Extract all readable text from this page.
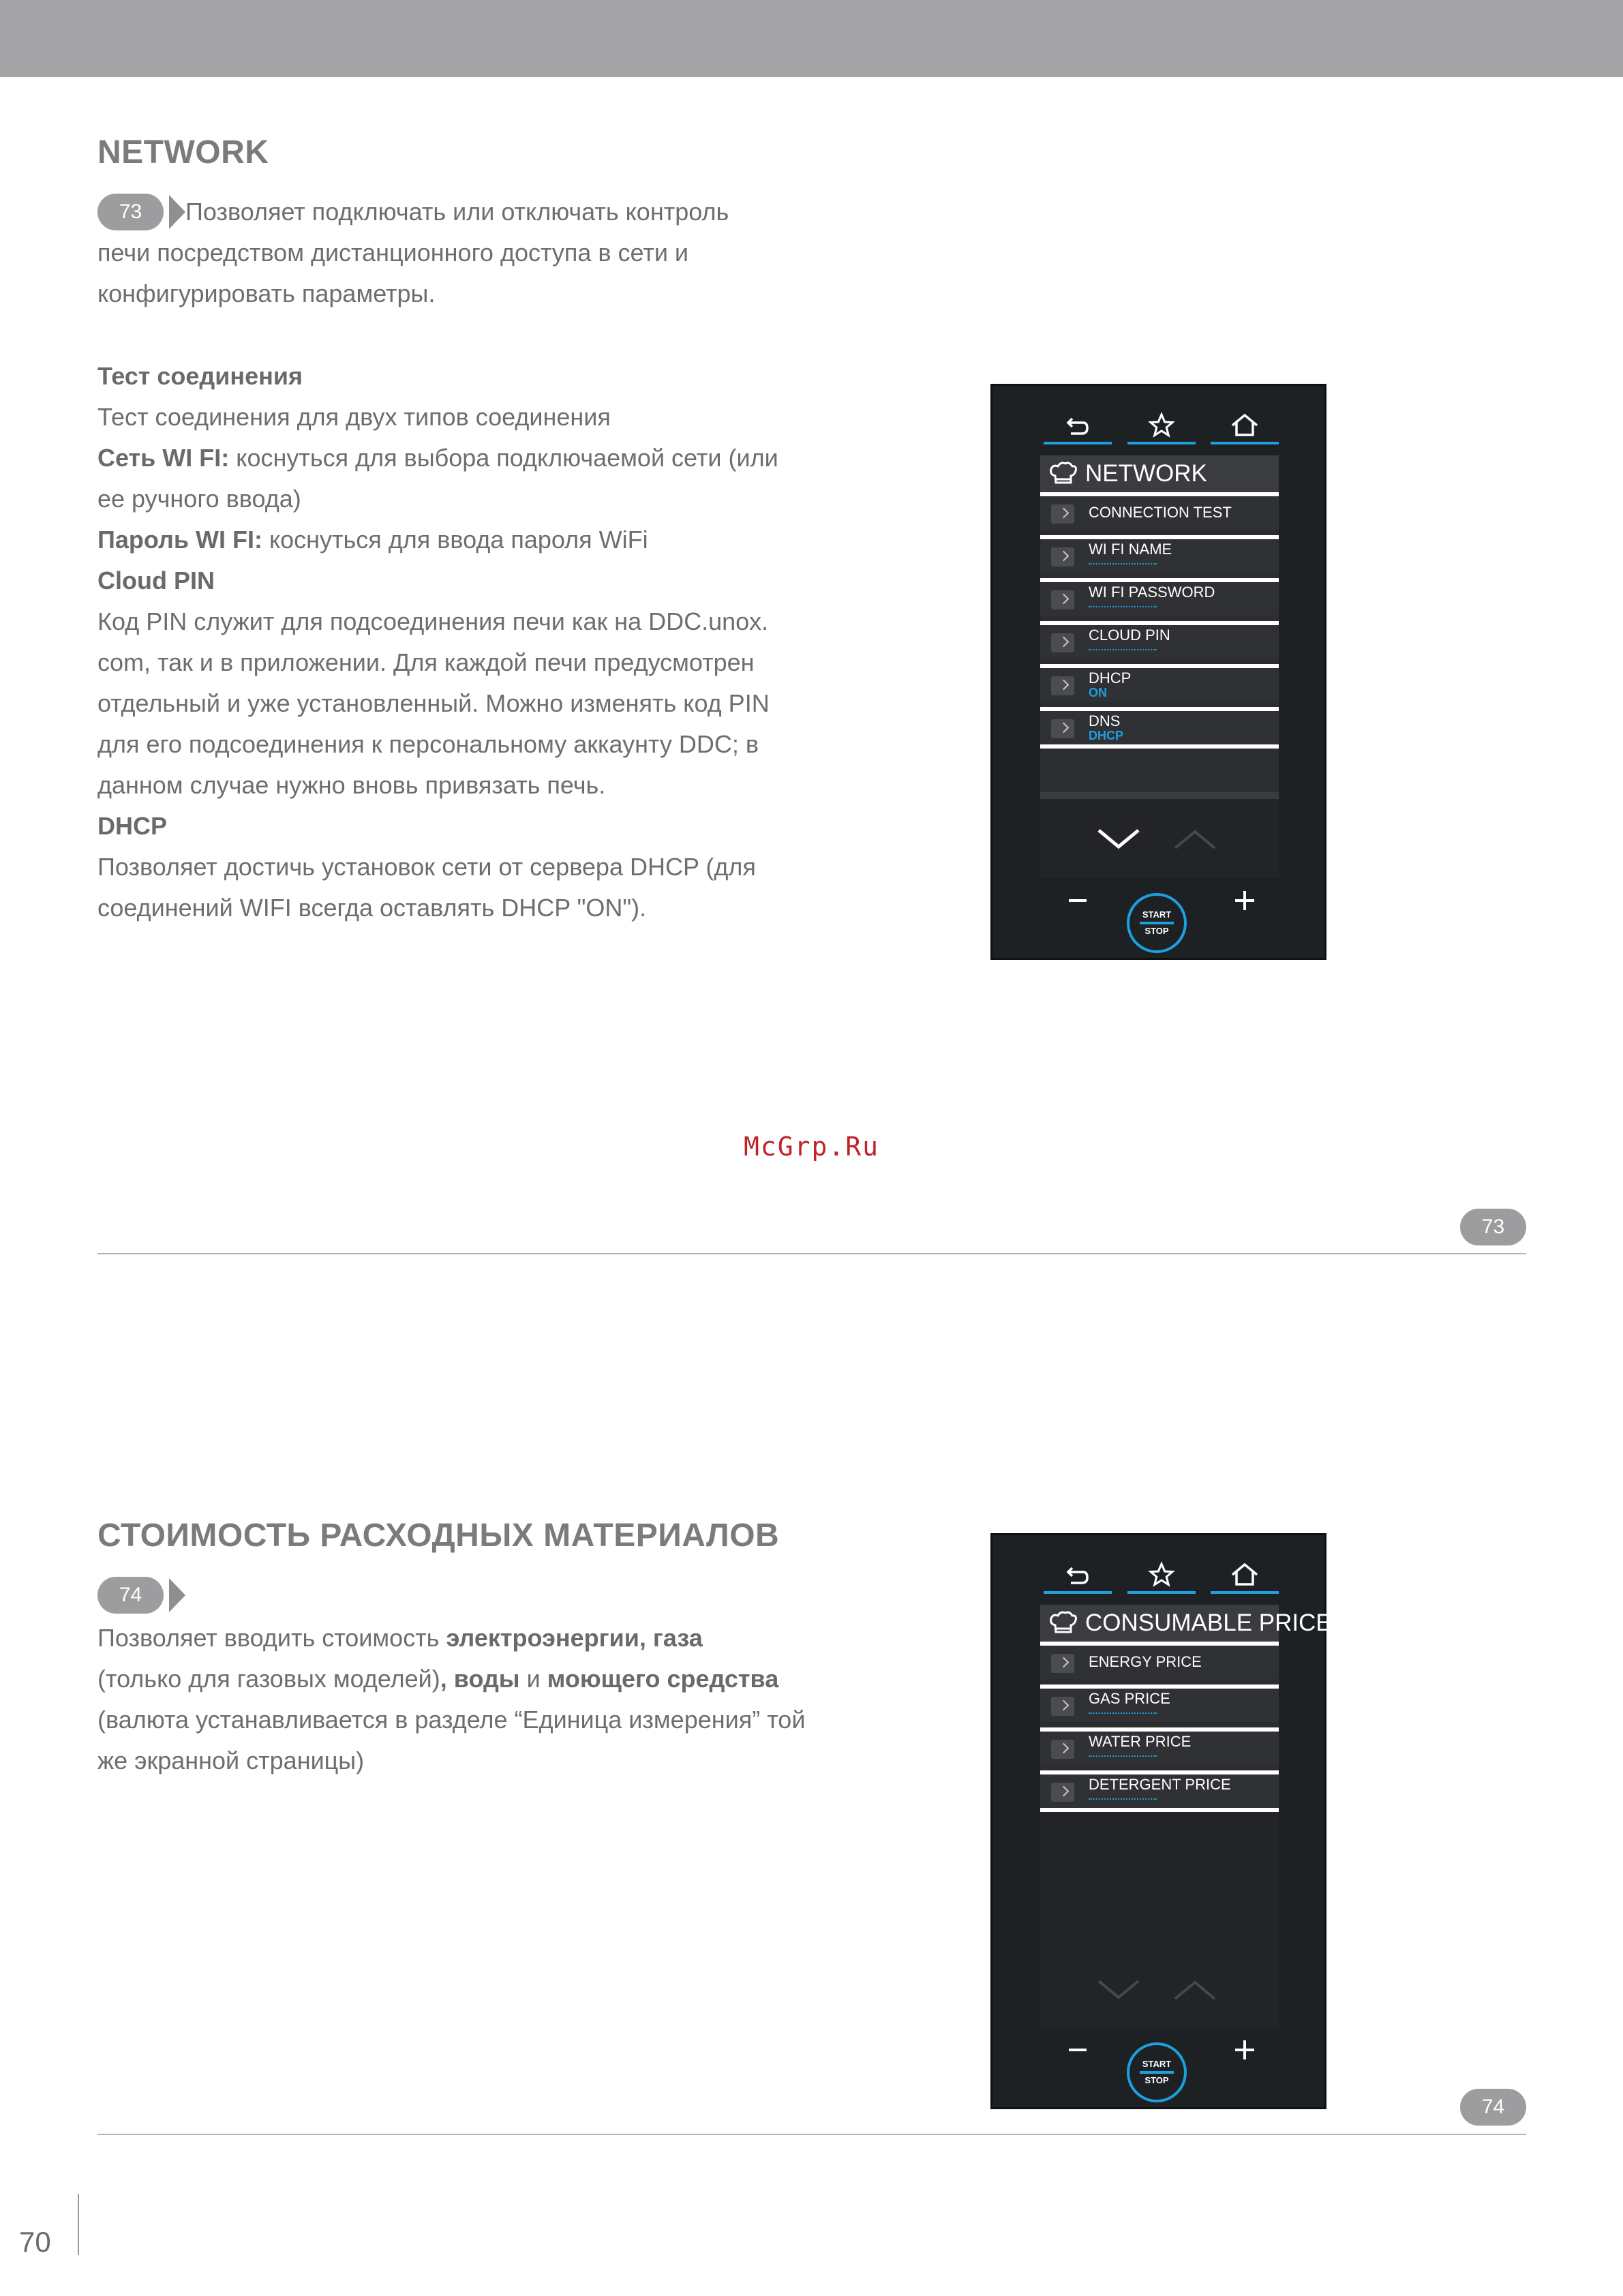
NETWORK
73	Позволяет подключать или отключать контроль
печи посредством дистанционного доступа в сети и
конфигурировать параметры.
Тест соединения
Тест соединения для двух типов соединения
Сеть WI FI: коснуться для выбора подключаемой сети (или
ее ручного ввода)
Пароль WI FI: коснуться для ввода пароля WiFi
Cloud PIN
Код PIN служит для подсоединения печи как на DDC.unox.
com, так и в приложении. Для каждой печи предусмотрен
отдельный и уже установленный. Можно изменять код PIN
для его подсоединения к персональному аккаунту DDC; в
данном случае нужно вновь привязать печь.
DHCP
Позволяет достичь установок сети от сервера DHCP (для
соединений WIFI всегда оставлять DHCP "ON").
NETWORK
CONNECTION TEST
WI FI NAME
WI FI PASSWORD
CLOUD PIN
DHCP
ON
DNS
DHCP
START
STOP
McGrp.Ru
73
СТОИМОСТЬ РАСХОДНЫХ МАТЕРИАЛОВ
74
Позволяет вводить стоимость электроэнергии, газа
(только для газовых моделей), воды и моющего средства
(валюта устанавливается в разделе “Единица измерения” той
же экранной страницы)
CONSUMABLE PRICE
ENERGY PRICE
GAS PRICE
WATER PRICE
DETERGENT PRICE
START
STOP
74
70
